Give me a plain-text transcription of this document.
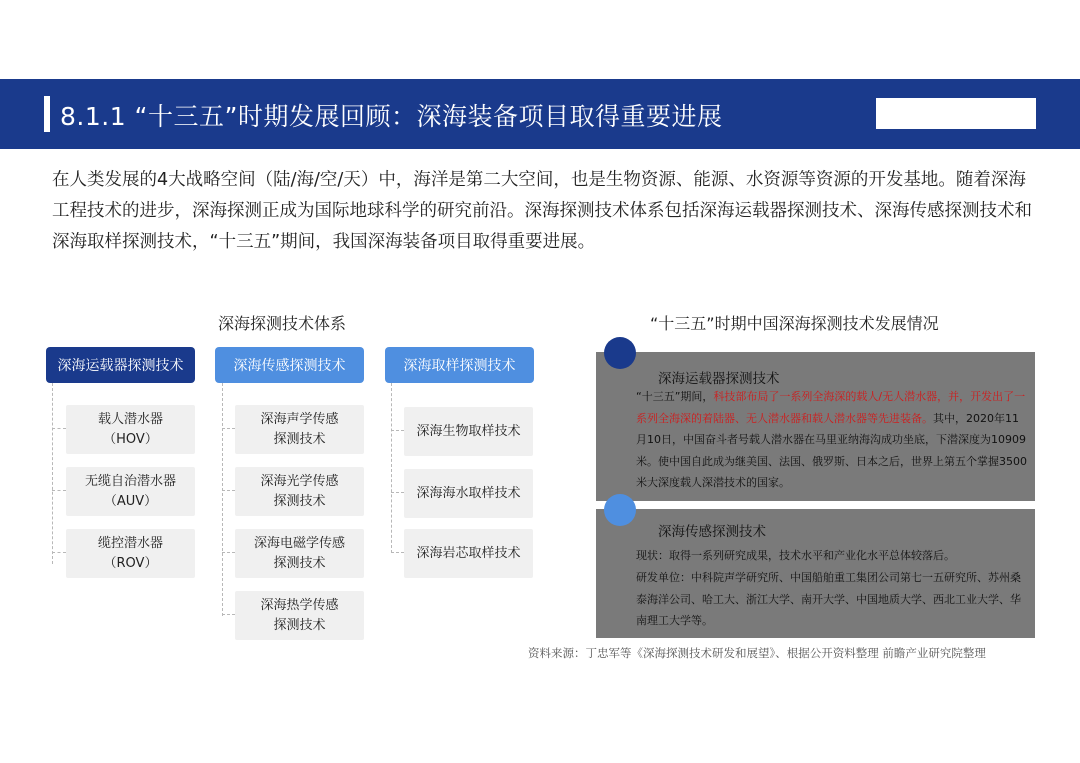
8.1.1 “十三五”时期发展回顾：深海装备项目取得重要进展
在人类发展的4大战略空间（陆/海/空/天）中，海洋是第二大空间，也是生物资源、能源、水资源等资源的开发基地。随着深海工程技术的进步，深海探测正成为国际地球科学的研究前沿。深海探测技术体系包括深海运载器探测技术、深海传感探测技术和深海取样探测技术，“十三五”期间，我国深海装备项目取得重要进展。
深海探测技术体系
深海运载器探测技术	深海传感探测技术	深海取样探测技术
载人潜水器
（HOV）
无缆自治潜水器
（AUV）
缆控潜水器
（ROV）
深海声学传感
探测技术
深海光学传感
探测技术
深海电磁学传感
探测技术
深海热学传感
探测技术
深海生物取样技术
深海海水取样技术
深海岩芯取样技术
“十三五”时期中国深海探测技术发展情况
深海运载器探测技术
“十三五”期间，科技部布局了一系列全海深的载人/无人潜水器，并，开发出了一系列全海深的着陆器、无人潜水器和载人潜水器等先进装备。其中，2020年11月10日，中国奋斗者号载人潜水器在马里亚纳海沟成功坐底，下潜深度为10909米。使中国自此成为继美国、法国、俄罗斯、日本之后，世界上第五个掌握3500米大深度载人深潜技术的国家。
深海传感探测技术
现状：取得一系列研究成果，技术水平和产业化水平总体较落后。
研发单位：中科院声学研究所、中国船舶重工集团公司第七一五研究所、苏州桑泰海洋公司、哈工大、浙江大学、南开大学、中国地质大学、西北工业大学、华南理工大学等。
资料来源：丁忠军等《深海探测技术研发和展望》、根据公开资料整理 前瞻产业研究院整理
